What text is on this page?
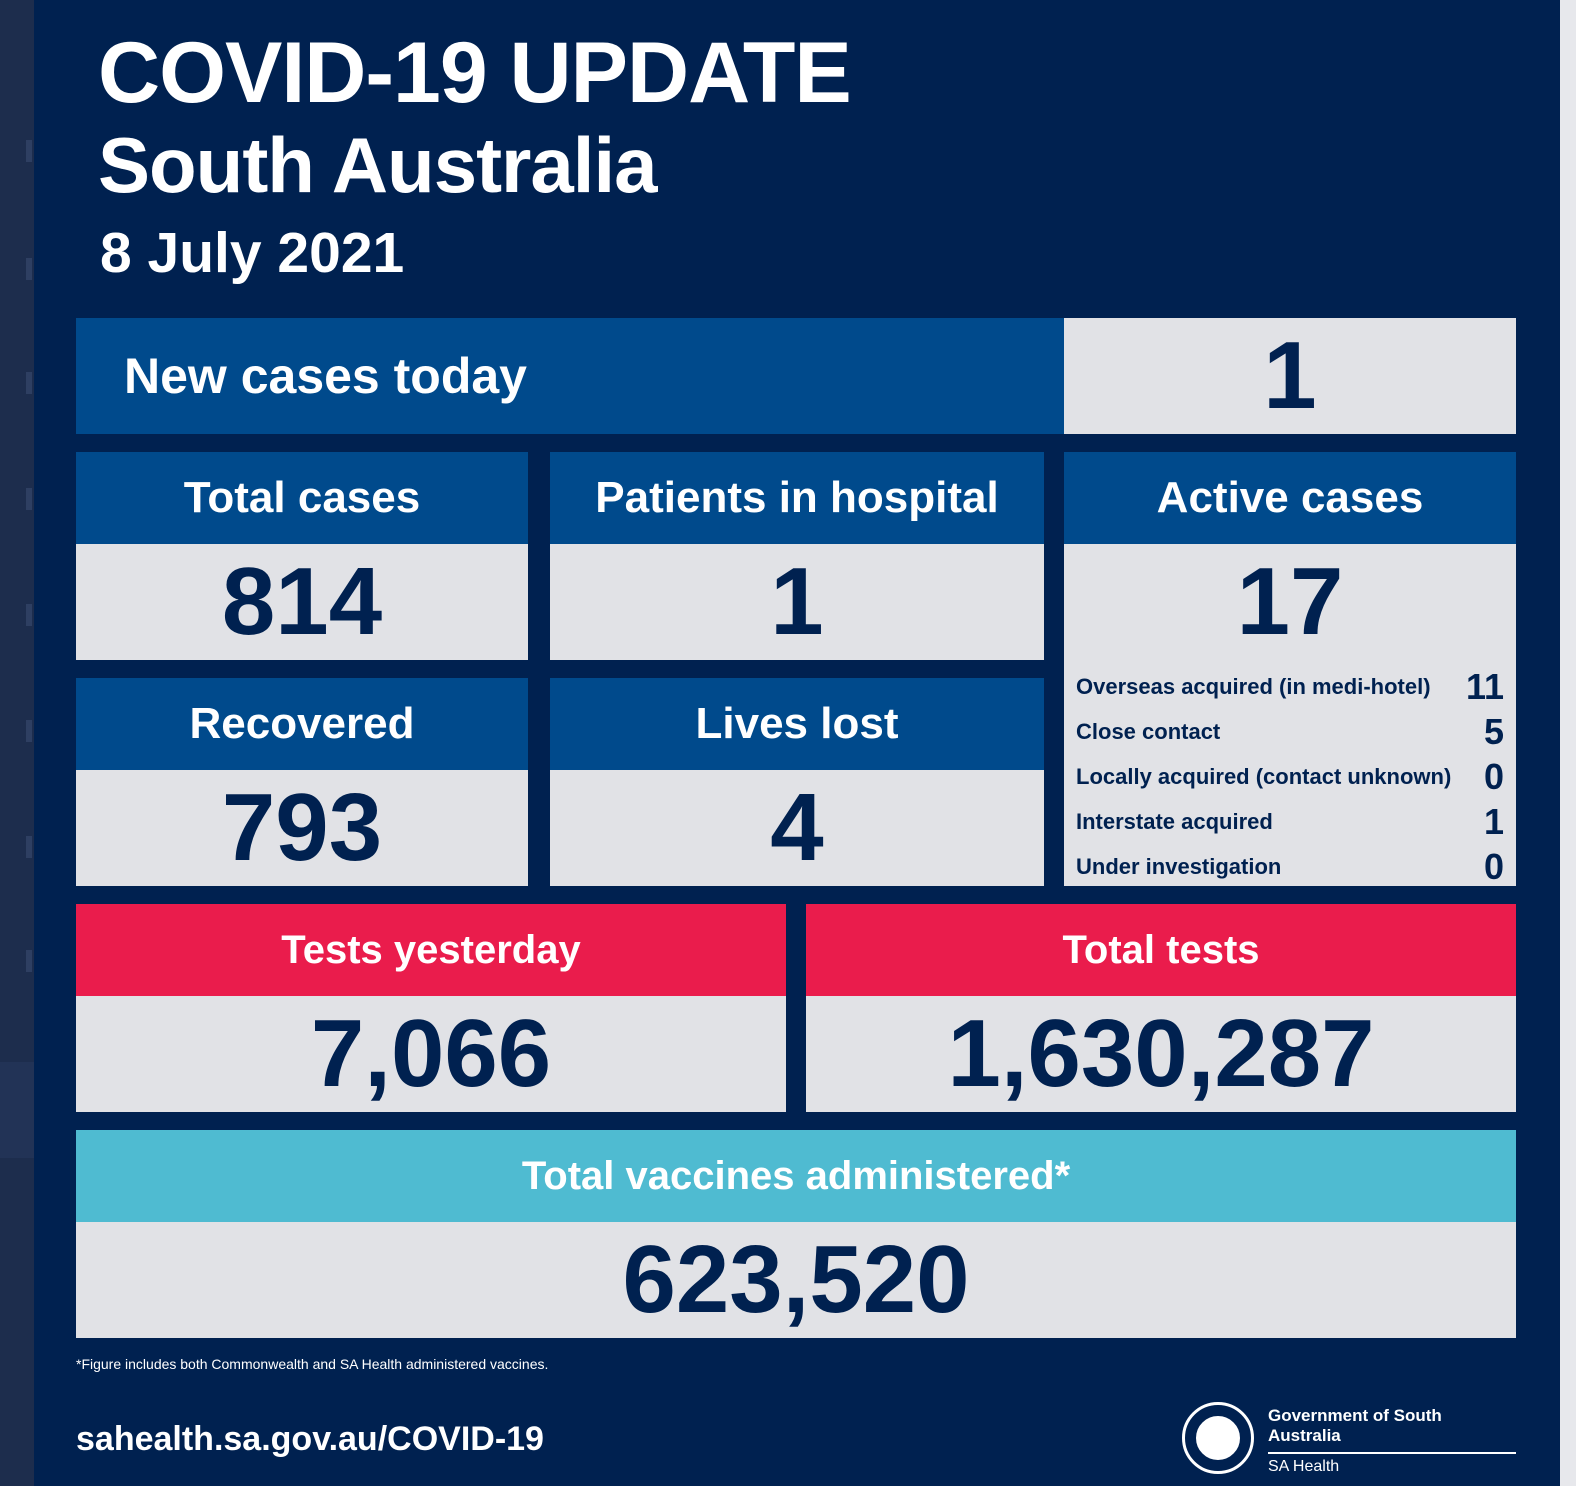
COVID-19 UPDATE
South Australia
8 July 2021
New cases today	1
Total cases
814
Patients in hospital
1
Active cases
17
Overseas acquired (in medi-hotel) 11
Close contact	5
Locally acquired (contact unknown) 0
Interstate acquired	1
Under investigation	0
Recovered
793
Lives lost
4
Tests yesterday
7,066
Total tests
1,630,287
Total vaccines administered*
623,520
*Figure includes both Commonwealth and SA Health administered vaccines.
sahealth.sa.gov.au/COVID-19
Government of South Australia
SA Health
